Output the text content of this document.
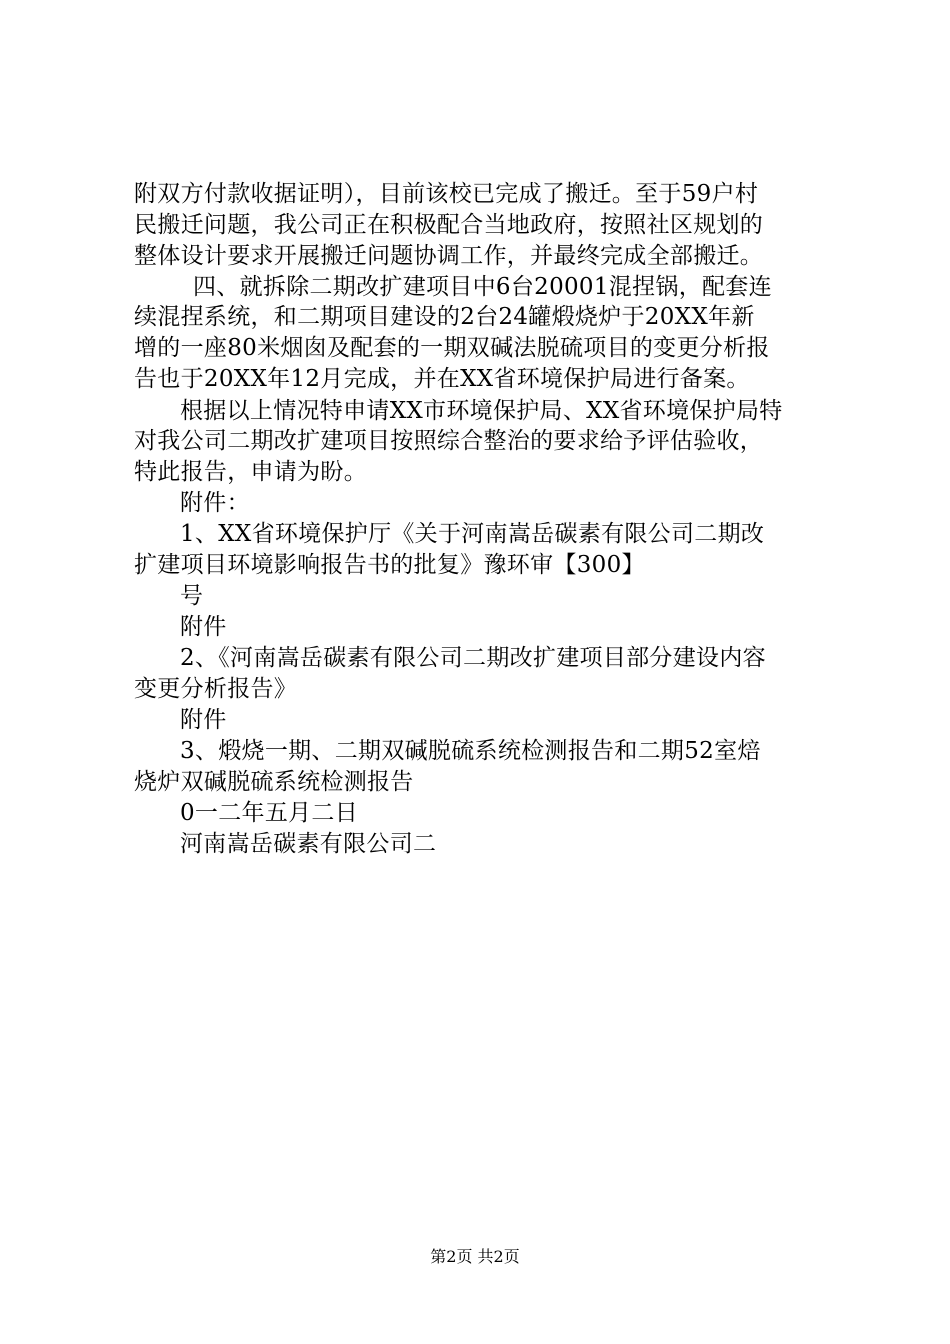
附双方付款收据证明），目前该校已完成了搬迁。至于59户村
民搬迁问题，我公司正在积极配合当地政府，按照社区规划的
整体设计要求开展搬迁问题协调工作，并最终完成全部搬迁。
四、就拆除二期改扩建项目中6台20001混捏锅，配套连
续混捏系统，和二期项目建设的2台24罐煅烧炉于20XX年新
增的一座80米烟囱及配套的一期双碱法脱硫项目的变更分析报
告也于20XX年12月完成，并在XX省环境保护局进行备案。
根据以上情况特申请XX市环境保护局、XX省环境保护局特
对我公司二期改扩建项目按照综合整治的要求给予评估验收，
特此报告，申请为盼。
附件：
1、XX省环境保护厅《关于河南嵩岳碳素有限公司二期改
扩建项目环境影响报告书的批复》豫环审【300】
号
附件
2、《河南嵩岳碳素有限公司二期改扩建项目部分建设内容
变更分析报告》
附件
3、煅烧一期、二期双碱脱硫系统检测报告和二期52室焙
烧炉双碱脱硫系统检测报告
0一二年五月二日
河南嵩岳碳素有限公司二
第2页 共2页
